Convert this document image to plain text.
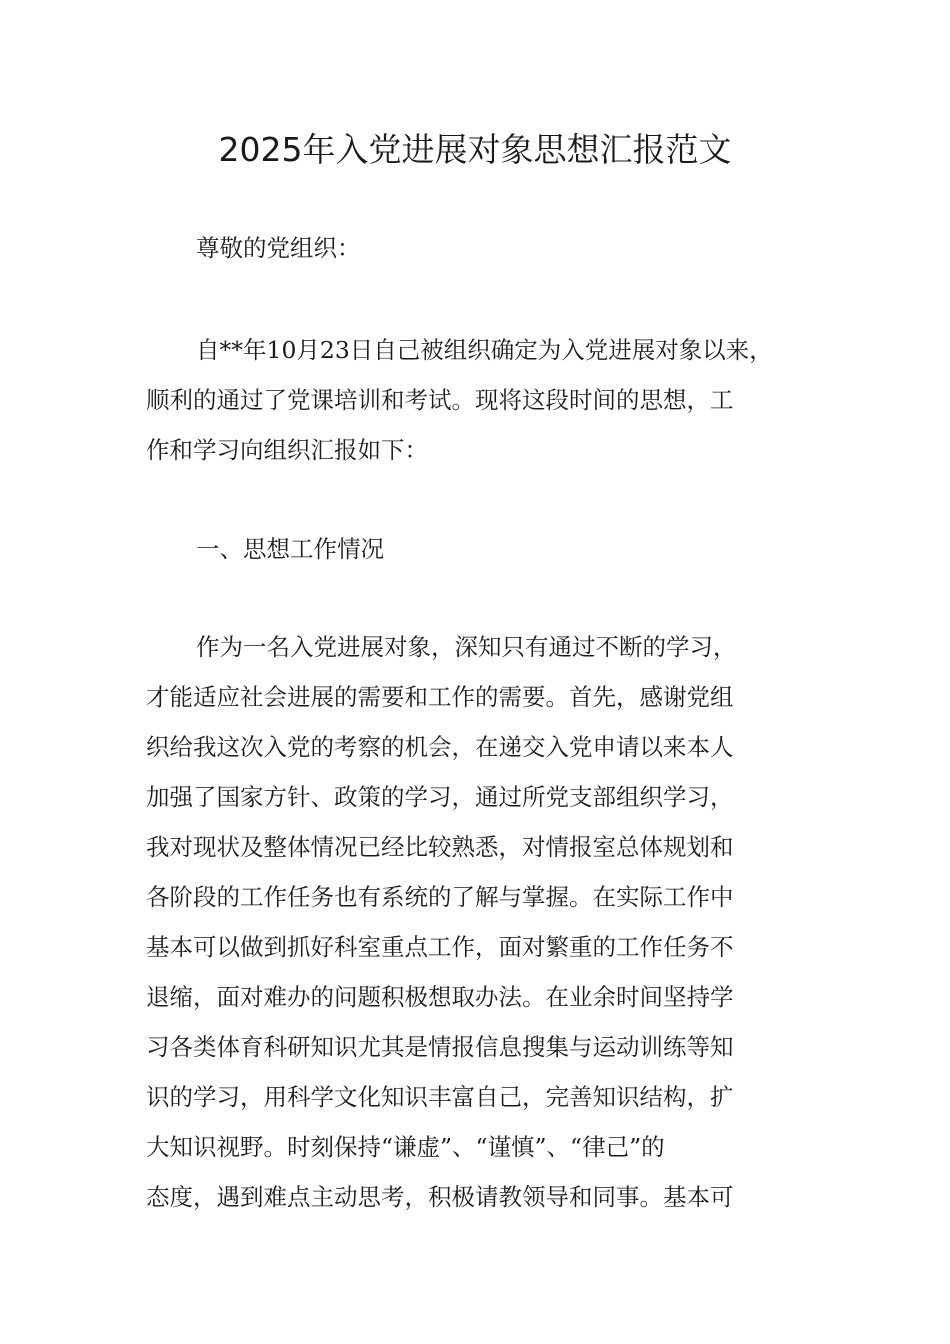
2025年入党进展对象思想汇报范文

尊敬的党组织：

自**年10月23日自己被组织确定为入党进展对象以来，

顺利的通过了党课培训和考试。现将这段时间的思想，工

作和学习向组织汇报如下：

一、思想工作情况

作为一名入党进展对象，深知只有通过不断的学习，

才能适应社会进展的需要和工作的需要。首先，感谢党组

织给我这次入党的考察的机会，在递交入党申请以来本人

加强了国家方针、政策的学习，通过所党支部组织学习，

我对现状及整体情况已经比较熟悉，对情报室总体规划和

各阶段的工作任务也有系统的了解与掌握。在实际工作中

基本可以做到抓好科室重点工作，面对繁重的工作任务不

退缩，面对难办的问题积极想取办法。在业余时间坚持学

习各类体育科研知识尤其是情报信息搜集与运动训练等知

识的学习，用科学文化知识丰富自己，完善知识结构，扩

大知识视野。时刻保持“谦虚”、“谨慎”、“律己”的

态度，遇到难点主动思考，积极请教领导和同事。基本可
